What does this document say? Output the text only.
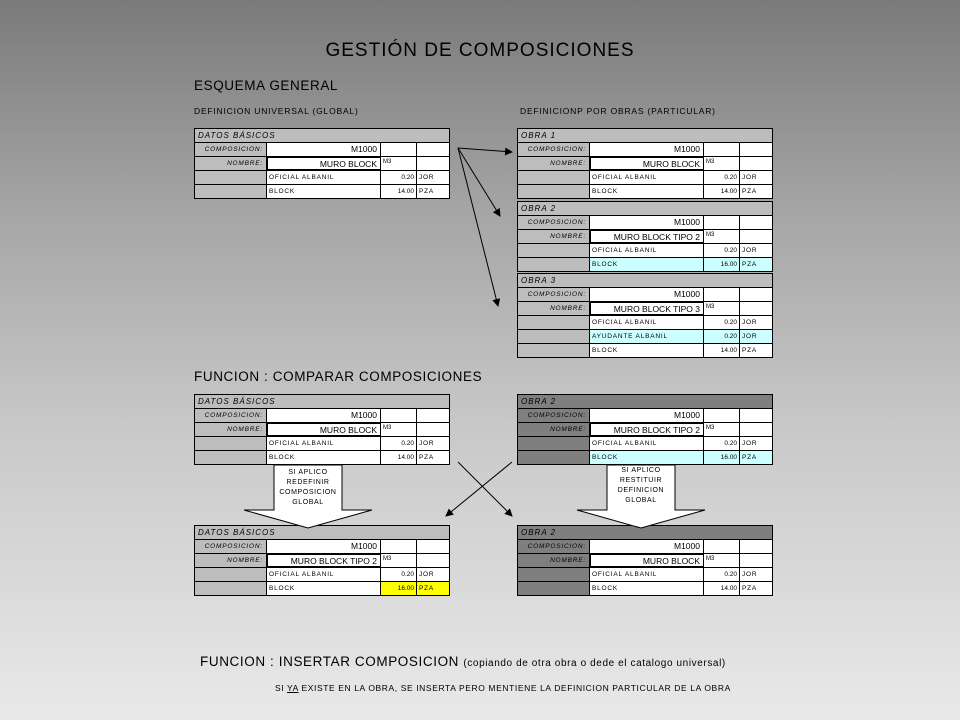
GESTIÓN DE COMPOSICIONES
ESQUEMA GENERAL
DEFINICION UNIVERSAL (GLOBAL)	DEFINICIONP POR OBRAS (PARTICULAR)
FUNCION : COMPARAR COMPOSICIONES
FUNCION : INSERTAR COMPOSICION (copiando de otra obra o dede el catalogo universal)
SI YA EXISTE EN LA OBRA, SE INSERTA PERO MENTIENE LA DEFINICION PARTICULAR DE LA OBRA
DATOS BÁSICOS
COMPOSICION:	M1000
NOMBRE:	MURO BLOCK	M3
OFICIAL ALBANIL	0.20 JOR
BLOCK	14.00 PZA
OBRA 1
COMPOSICION:	M1000
NOMBRE:	MURO BLOCK	M3
OFICIAL ALBANIL	0.20 JOR
BLOCK	14.00 PZA
OBRA 2
COMPOSICION:	M1000
NOMBRE:	MURO BLOCK TIPO 2	M3
OFICIAL ALBANIL	0.20 JOR
BLOCK	16.00 PZA
OBRA 3
COMPOSICION:	M1000
NOMBRE:	MURO BLOCK TIPO 3	M3
OFICIAL ALBANIL	0.20 JOR
AYUDANTE ALBANIL	0.20 JOR
BLOCK	14.00 PZA
DATOS BÁSICOS
COMPOSICION:	M1000
NOMBRE:	MURO BLOCK	M3
OFICIAL ALBANIL	0.20 JOR
BLOCK	14.00 PZA
OBRA 2
COMPOSICION:	M1000
NOMBRE:	MURO BLOCK TIPO 2	M3
OFICIAL ALBANIL	0.20 JOR
BLOCK	16.00 PZA
DATOS BÁSICOS
COMPOSICION:	M1000
NOMBRE:	MURO BLOCK TIPO 2	M3
OFICIAL ALBANIL	0.20 JOR
BLOCK	16.00 PZA
OBRA 2
COMPOSICION:	M1000
NOMBRE:	MURO BLOCK	M3
OFICIAL ALBANIL	0.20 JOR
BLOCK	14.00 PZA
SI APLICO
REDEFINIR
COMPOSICION
GLOBAL
SI APLICO
RESTITUIR
DEFINICION
GLOBAL
